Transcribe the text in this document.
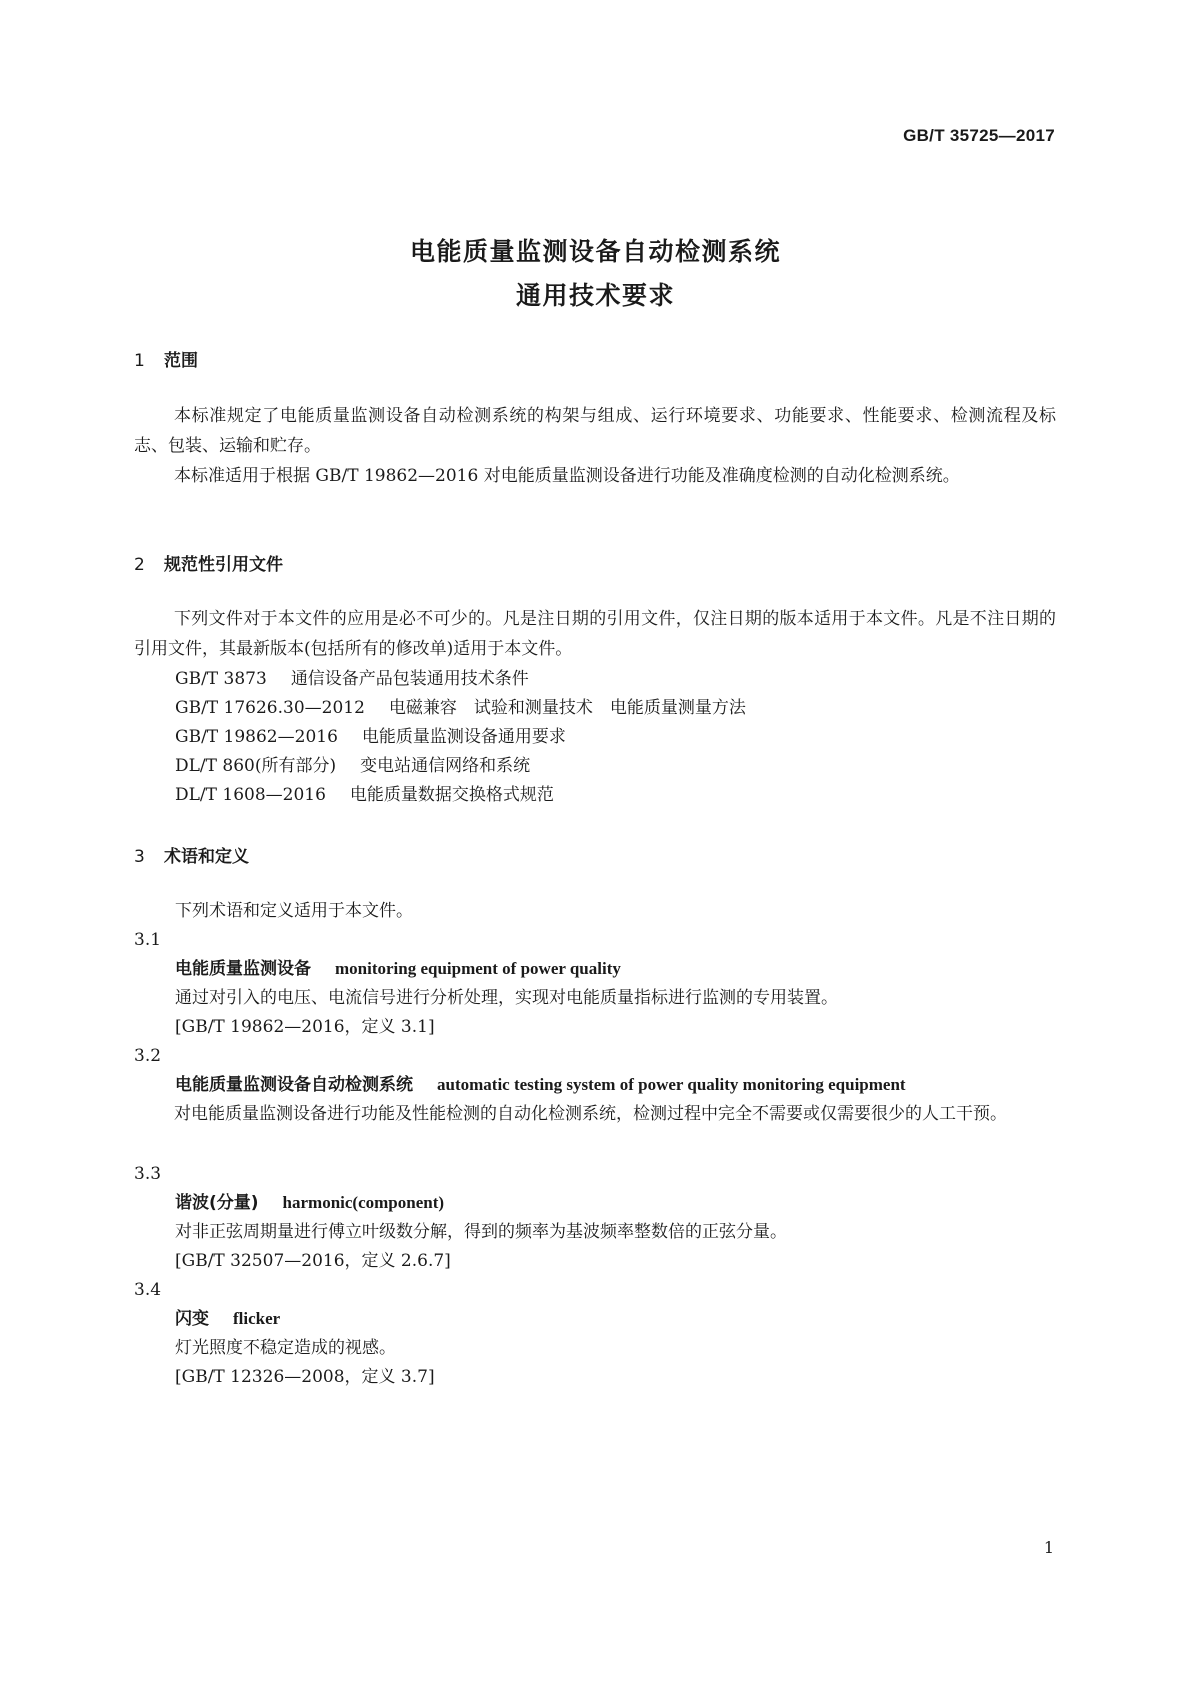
GB/T 35725—2017
电能质量监测设备自动检测系统
通用技术要求
1 范围
本标准规定了电能质量监测设备自动检测系统的构架与组成、运行环境要求、功能要求、性能要求、检测流程及标志、包装、运输和贮存。
本标准适用于根据 GB/T 19862—2016 对电能质量监测设备进行功能及准确度检测的自动化检测系统。
2 规范性引用文件
下列文件对于本文件的应用是必不可少的。凡是注日期的引用文件，仅注日期的版本适用于本文件。凡是不注日期的引用文件，其最新版本(包括所有的修改单)适用于本文件。
GB/T 3873 通信设备产品包装通用技术条件
GB/T 17626.30—2012 电磁兼容　试验和测量技术　电能质量测量方法
GB/T 19862—2016 电能质量监测设备通用要求
DL/T 860(所有部分) 变电站通信网络和系统
DL/T 1608—2016 电能质量数据交换格式规范
3 术语和定义
下列术语和定义适用于本文件。
3.1
电能质量监测设备 monitoring equipment of power quality
通过对引入的电压、电流信号进行分析处理，实现对电能质量指标进行监测的专用装置。
[GB/T 19862—2016，定义 3.1]
3.2
电能质量监测设备自动检测系统 automatic testing system of power quality monitoring equipment
对电能质量监测设备进行功能及性能检测的自动化检测系统，检测过程中完全不需要或仅需要很少的人工干预。
3.3
谐波(分量) harmonic(component)
对非正弦周期量进行傅立叶级数分解，得到的频率为基波频率整数倍的正弦分量。
[GB/T 32507—2016，定义 2.6.7]
3.4
闪变 flicker
灯光照度不稳定造成的视感。
[GB/T 12326—2008，定义 3.7]
1
